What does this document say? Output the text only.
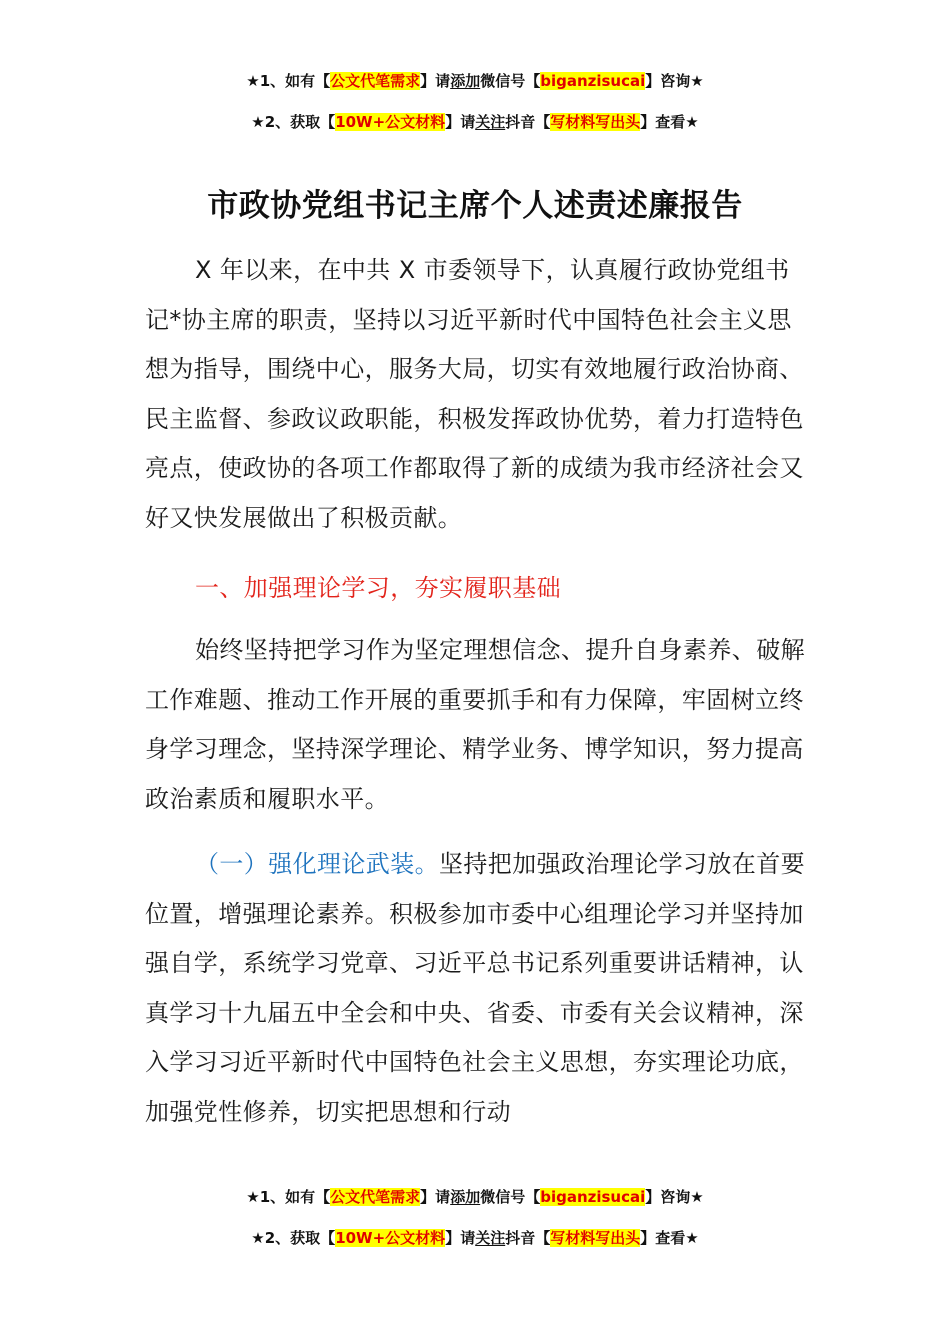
★1、如有【公文代笔需求】请添加微信号【biganzisucai】咨询★
★2、获取【10W+公文材料】请关注抖音【写材料写出头】查看★
市政协党组书记主席个人述责述廉报告

X 年以来，在中共 X 市委领导下，认真履行政协党组书记*协主席的职责，坚持以习近平新时代中国特色社会主义思想为指导，围绕中心，服务大局，切实有效地履行政治协商、民主监督、参政议政职能，积极发挥政协优势，着力打造特色亮点，使政协的各项工作都取得了新的成绩为我市经济社会又好又快发展做出了积极贡献。

一、加强理论学习，夯实履职基础

始终坚持把学习作为坚定理想信念、提升自身素养、破解工作难题、推动工作开展的重要抓手和有力保障，牢固树立终身学习理念，坚持深学理论、精学业务、博学知识，努力提高政治素质和履职水平。

（一）强化理论武装。坚持把加强政治理论学习放在首要位置，增强理论素养。积极参加市委中心组理论学习并坚持加强自学，系统学习党章、习近平总书记系列重要讲话精神，认真学习十九届五中全会和中央、省委、市委有关会议精神，深入学习习近平新时代中国特色社会主义思想，夯实理论功底，加强党性修养，切实把思想和行动

★1、如有【公文代笔需求】请添加微信号【biganzisucai】咨询★
★2、获取【10W+公文材料】请关注抖音【写材料写出头】查看★
